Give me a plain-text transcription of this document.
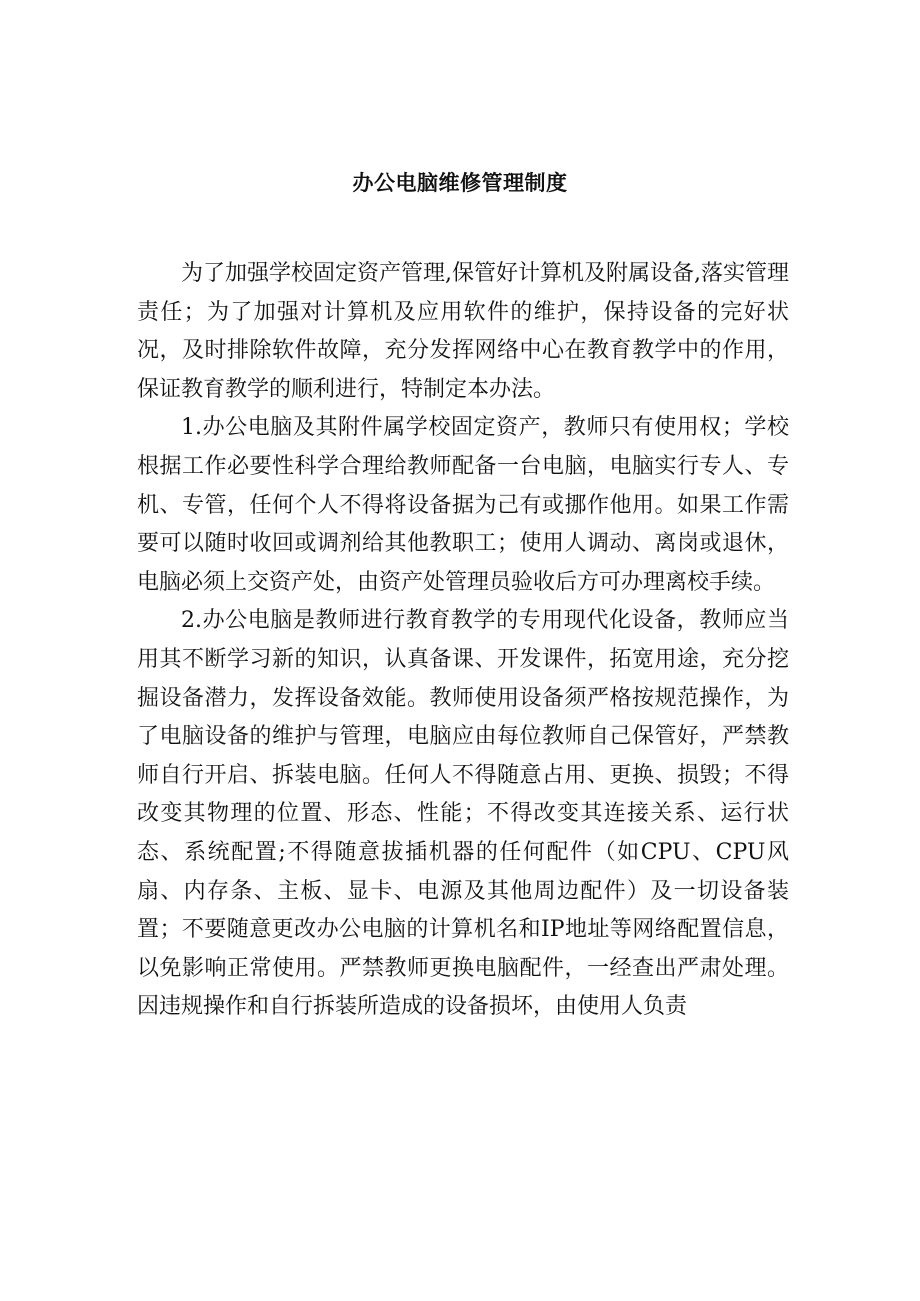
办公电脑维修管理制度

为了加强学校固定资产管理,保管好计算机及附属设备,落实管理责任；为了加强对计算机及应用软件的维护，保持设备的完好状况，及时排除软件故障，充分发挥网络中心在教育教学中的作用，保证教育教学的顺利进行，特制定本办法。

1.办公电脑及其附件属学校固定资产，教师只有使用权；学校根据工作必要性科学合理给教师配备一台电脑，电脑实行专人、专机、专管，任何个人不得将设备据为己有或挪作他用。如果工作需要可以随时收回或调剂给其他教职工；使用人调动、离岗或退休，电脑必须上交资产处，由资产处管理员验收后方可办理离校手续。

2.办公电脑是教师进行教育教学的专用现代化设备，教师应当用其不断学习新的知识，认真备课、开发课件，拓宽用途，充分挖掘设备潜力，发挥设备效能。教师使用设备须严格按规范操作，为了电脑设备的维护与管理，电脑应由每位教师自己保管好，严禁教师自行开启、拆装电脑。任何人不得随意占用、更换、损毁；不得改变其物理的位置、形态、性能；不得改变其连接关系、运行状态、系统配置;不得随意拔插机器的任何配件（如CPU、CPU风扇、内存条、主板、显卡、电源及其他周边配件）及一切设备装置；不要随意更改办公电脑的计算机名和IP地址等网络配置信息，以免影响正常使用。严禁教师更换电脑配件，一经查出严肃处理。因违规操作和自行拆装所造成的设备损坏，由使用人负责
